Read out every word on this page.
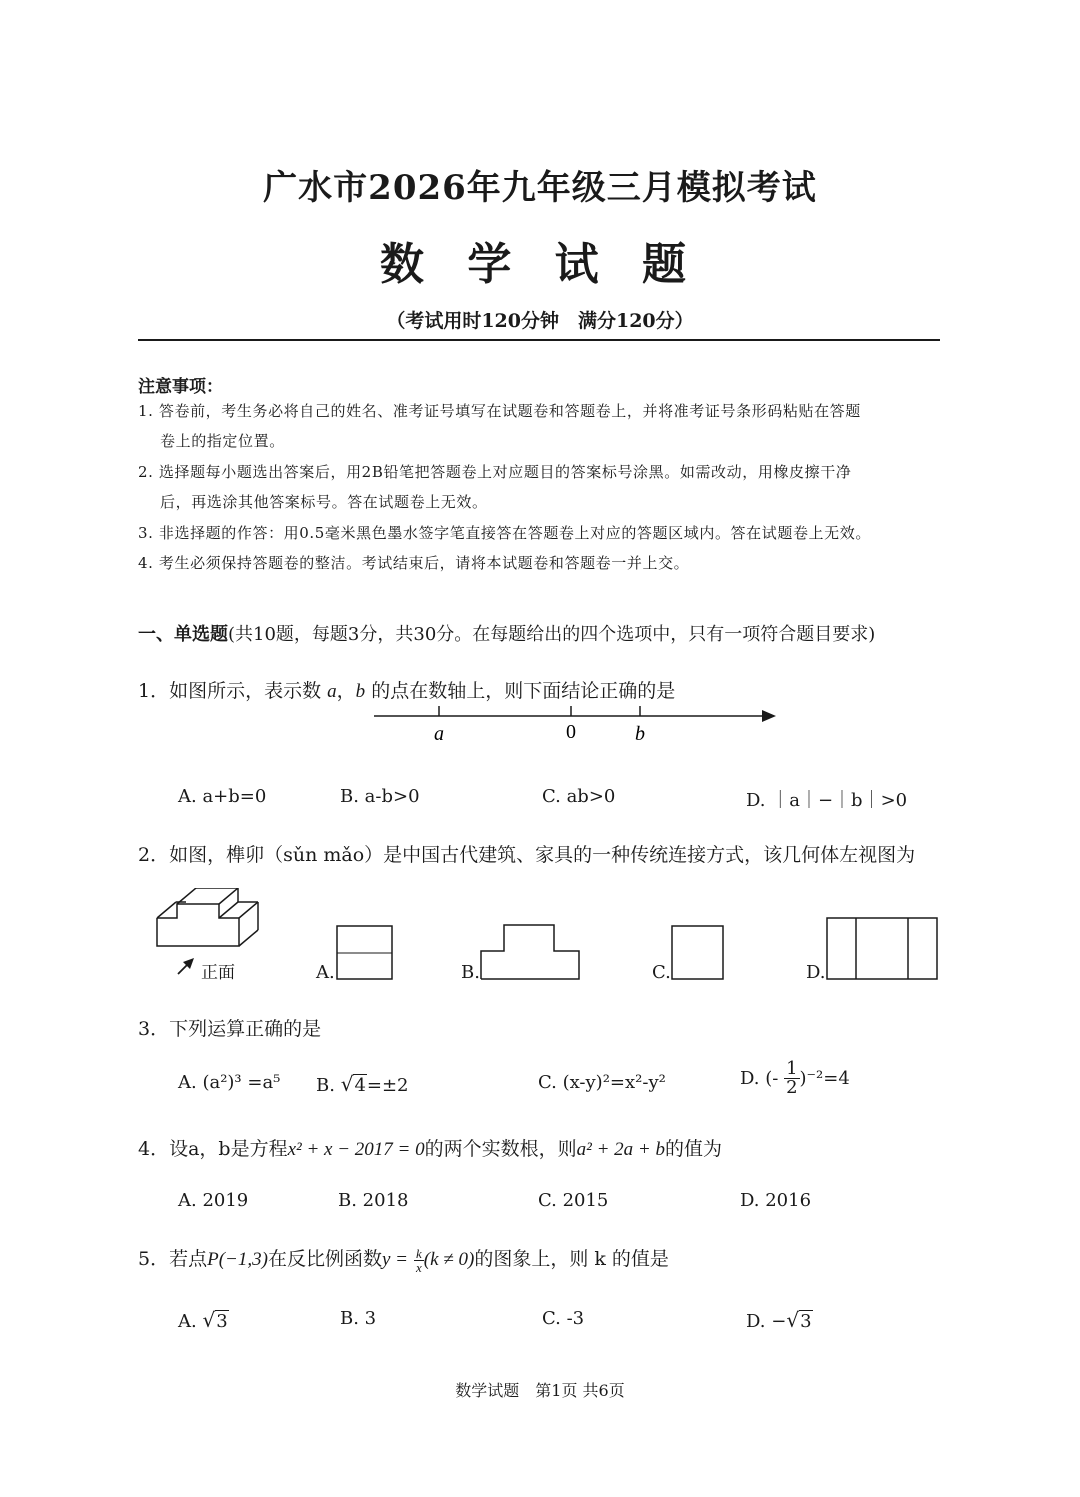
广水市2026年九年级三月模拟考试
数 学 试 题
（考试用时120分钟　满分120分）
注意事项：
1. 答卷前，考生务必将自己的姓名、准考证号填写在试题卷和答题卷上，并将准考证号条形码粘贴在答题
卷上的指定位置。
2. 选择题每小题选出答案后，用2B铅笔把答题卷上对应题目的答案标号涂黑。如需改动，用橡皮擦干净
后，再选涂其他答案标号。答在试题卷上无效。
3. 非选择题的作答：用0.5毫米黑色墨水签字笔直接答在答题卷上对应的答题区域内。答在试题卷上无效。
4. 考生必须保持答题卷的整洁。考试结束后，请将本试题卷和答题卷一并上交。
一、单选题(共10题，每题3分，共30分。在每题给出的四个选项中，只有一项符合题目要求)
1．如图所示，表示数 a，b 的点在数轴上，则下面结论正确的是
a	0	b
A. a+b=0	B. a-b>0	C. ab>0	D. ｜a｜−｜b｜>0
2．如图，榫卯（sǔn mǎo）是中国古代建筑、家具的一种传统连接方式，该几何体左视图为
正面	A.	B.	C.	D.
3．下列运算正确的是
A. (a²)³ =a⁵ B. √4=±2	C. (x-y)²=x²-y²	D. (- $\frac{1}{2} )^{-2}=4$
4．设a，b是方程x² + x − 2017 = 0的两个实数根，则a² + 2a + b的值为
A. 2019	B. 2018	C. 2015	D. 2016
5．若点P(−1,3)在反比例函数$y = \frac{k}{x} (k \ne 0)$的图象上，则 k 的值是
A. √3	B. 3	C. -3	D. −√3
数学试题　第1页 共6页
